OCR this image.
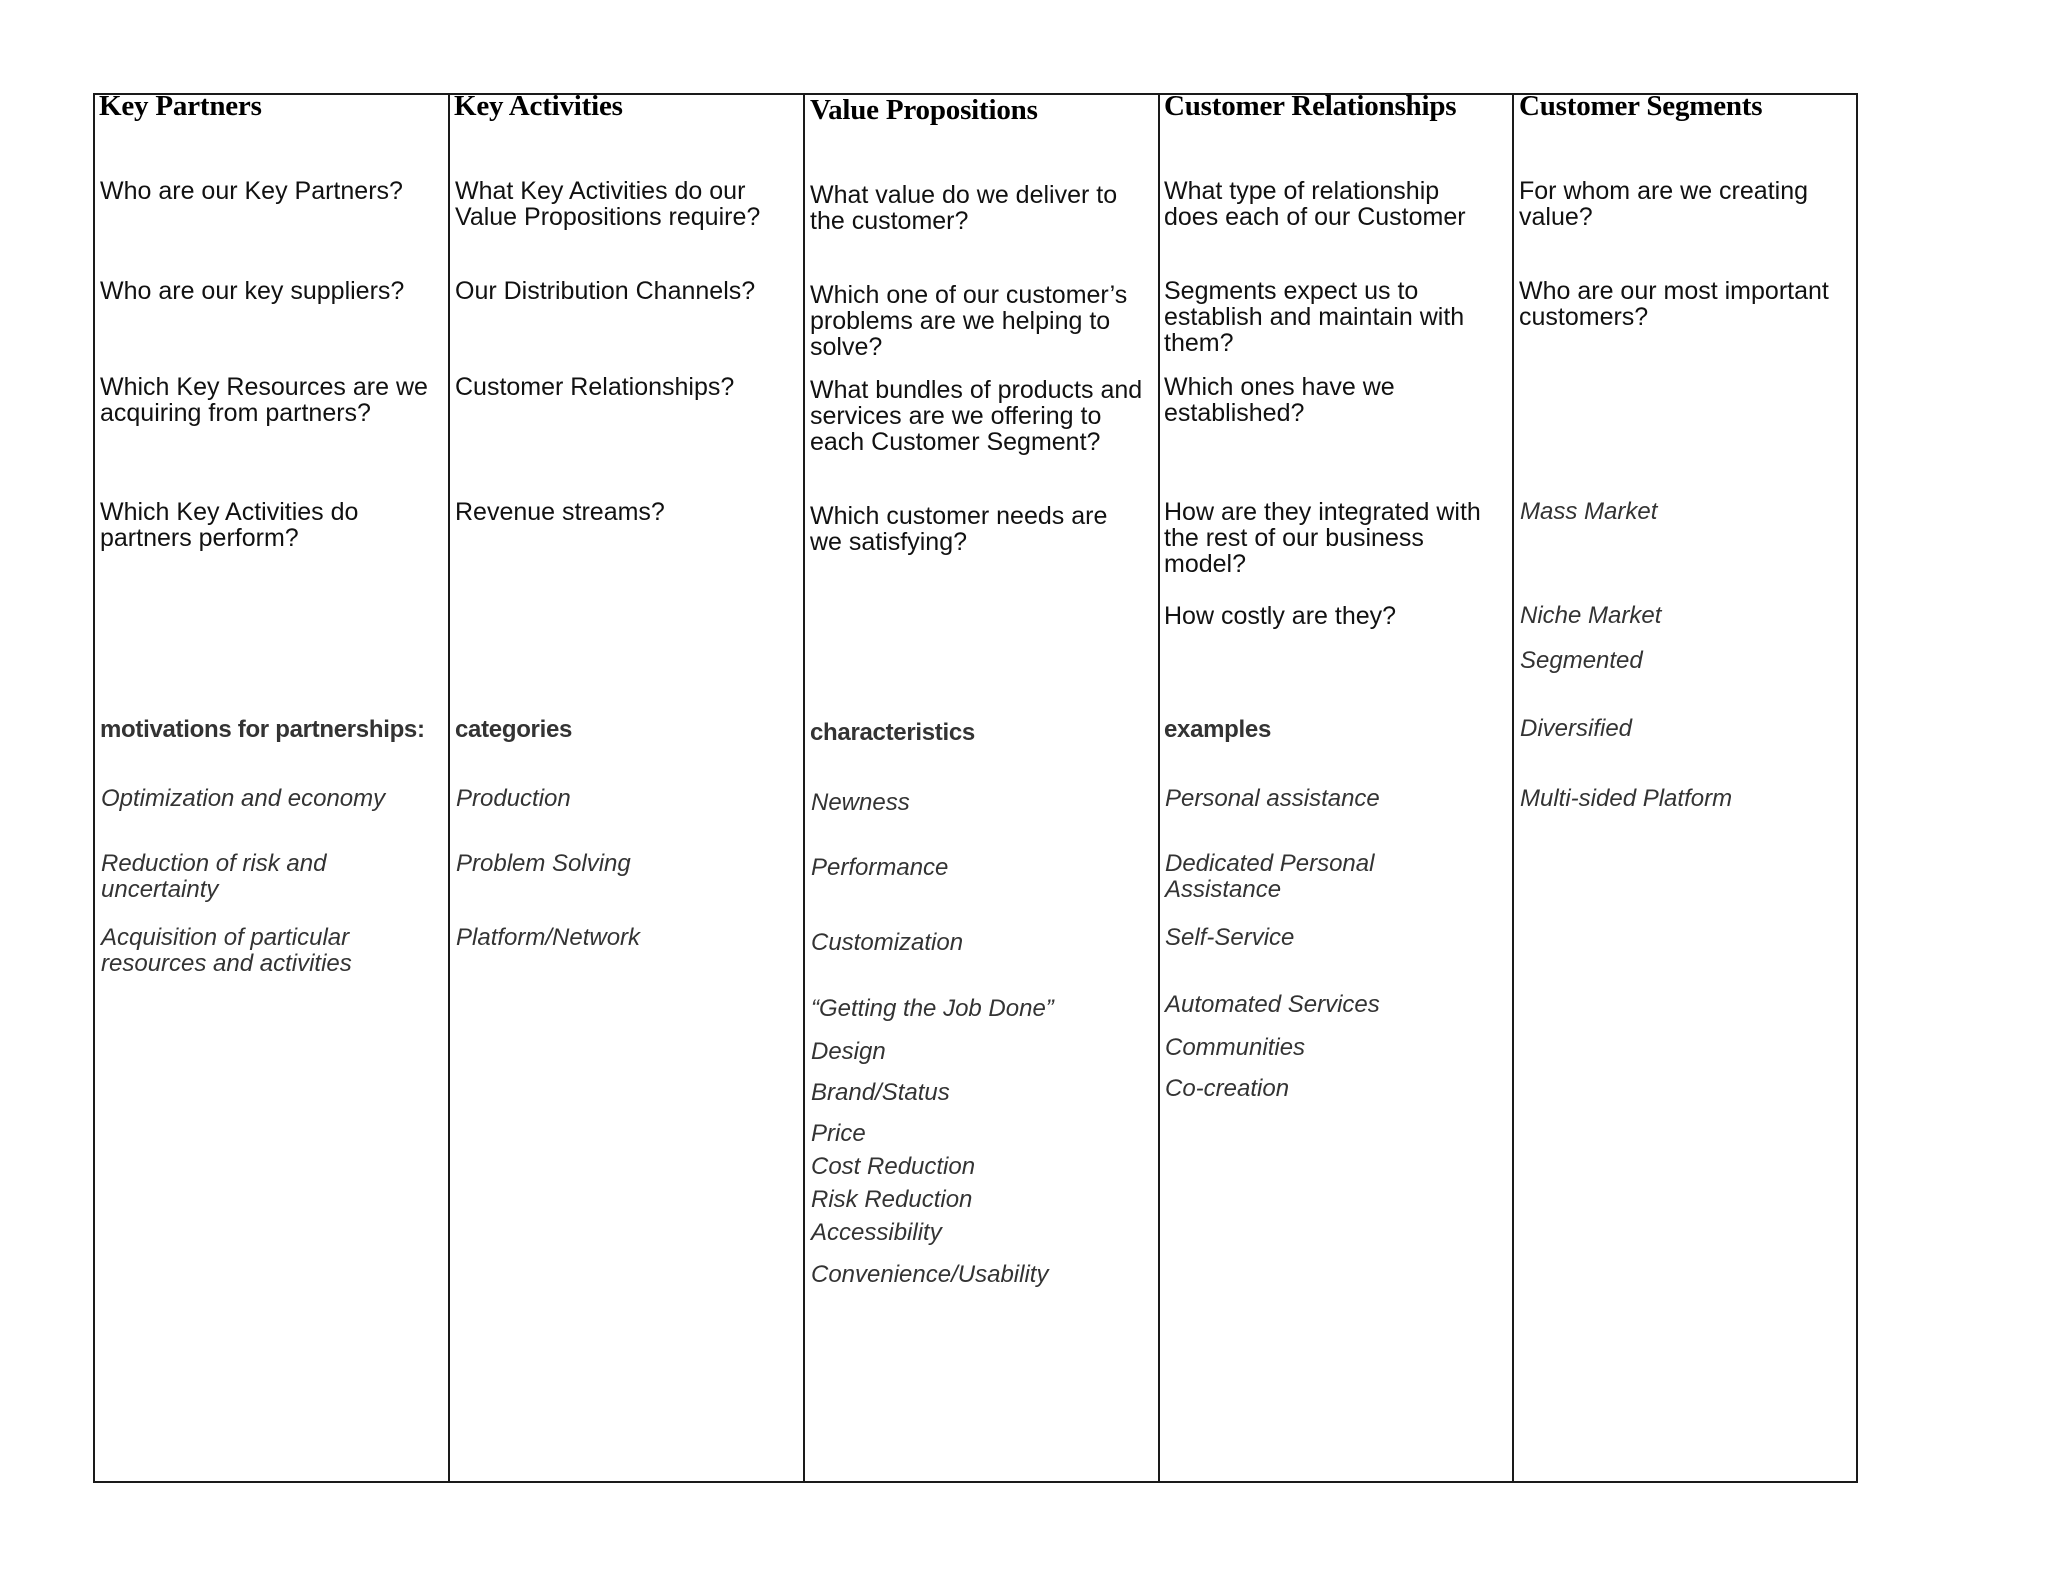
Key Partners

Who are our Key Partners?

Who are our key suppliers?

Which Key Resources are we
acquiring from partners?

Which Key Activities do
partners perform?

motivations for partnerships:

Optimization and economy

Reduction of risk and
uncertainty

Acquisition of particular
resources and activities

Key Activities

What Key Activities do our
Value Propositions require?

Our Distribution Channels?

Customer Relationships?

Revenue streams?

categories

Production

Problem Solving

Platform/Network

Value Propositions

What value do we deliver to
the customer?

Which one of our customer’s
problems are we helping to
solve?

What bundles of products and
services are we offering to
each Customer Segment?

Which customer needs are
we satisfying?

characteristics

Newness

Performance

Customization

“Getting the Job Done”

Design

Brand/Status

Price
Cost Reduction
Risk Reduction
Accessibility

Convenience/Usability

Customer Relationships

What type of relationship
does each of our Customer

Segments expect us to
establish and maintain with
them?

Which ones have we
established?

How are they integrated with
the rest of our business
model?

How costly are they?

examples

Personal assistance

Dedicated Personal
Assistance

Self-Service

Automated Services

Communities

Co-creation

Customer Segments

For whom are we creating
value?

Who are our most important
customers?

Mass Market

Niche Market

Segmented

Diversified

Multi-sided Platform
